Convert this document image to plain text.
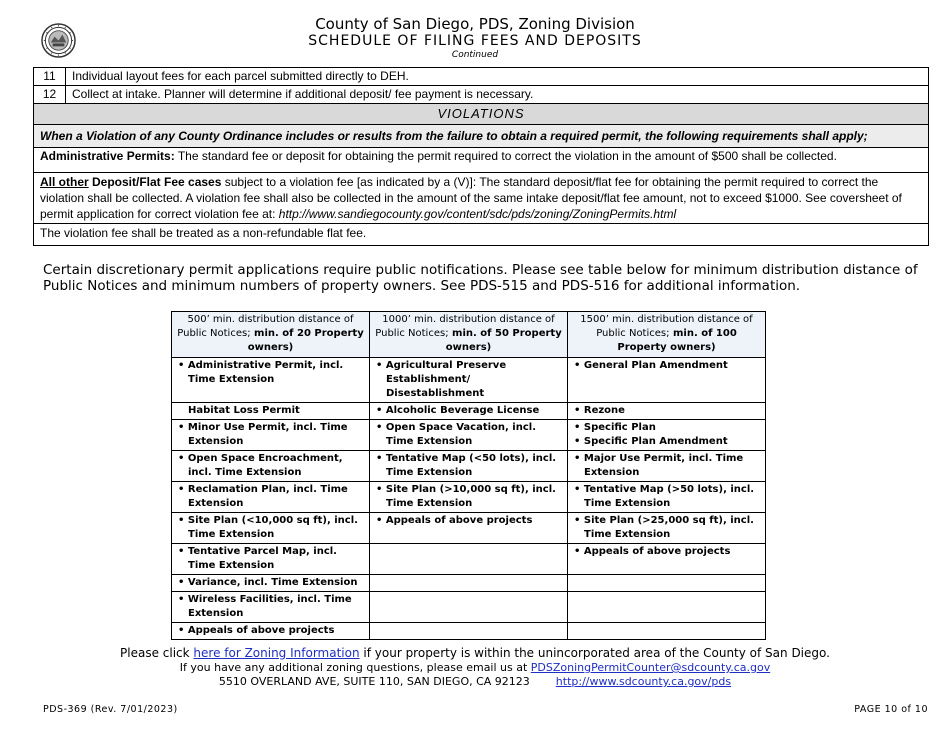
County of San Diego, PDS, Zoning Division
SCHEDULE OF FILING FEES AND DEPOSITS
Continued
11	Individual layout fees for each parcel submitted directly to DEH.
12	Collect at intake. Planner will determine if additional deposit/ fee payment is necessary.
VIOLATIONS	
When a Violation of any County Ordinance includes or results from the failure to obtain a required permit, the following requirements shall apply;	
Administrative Permits: The standard fee or deposit for obtaining the permit required to correct the violation in the amount of $500 shall be collected.	
All other Deposit/Flat Fee cases subject to a violation fee [as indicated by a (V)]: The standard deposit/flat fee for obtaining the permit required to correct the violation shall be collected. A violation fee shall also be collected in the amount of the same intake deposit/flat fee amount, not to exceed $1000. See coversheet of permit application for correct violation fee at: http://www.sandiegocounty.gov/content/sdc/pds/zoning/ZoningPermits.html	
The violation fee shall be treated as a non-refundable flat fee.	
Certain discretionary permit applications require public notifications. Please see table below for minimum distribution distance of Public Notices and minimum numbers of property owners. See PDS-515 and PDS-516 for additional information.
500’ min. distribution distance of Public Notices; min. of 20 Property owners)	1000’ min. distribution distance of Public Notices; min. of 50 Property owners)	1500’ min. distribution distance of Public Notices; min. of 100 Property owners)

• Administrative Permit, incl. Time Extension	• Agricultural Preserve Establishment/ Disestablishment	• General Plan Amendment

Habitat Loss Permit	• Alcoholic Beverage License	• Rezone

• Minor Use Permit, incl. Time Extension	• Open Space Vacation, incl. Time Extension	• Specific Plan
• Specific Plan Amendment

• Open Space Encroachment, incl. Time Extension	• Tentative Map (<50 lots), incl. Time Extension	• Major Use Permit, incl. Time Extension

• Reclamation Plan, incl. Time Extension	• Site Plan (>10,000 sq ft), incl. Time Extension	• Tentative Map (>50 lots), incl. Time Extension

• Site Plan (<10,000 sq ft), incl. Time Extension	• Appeals of above projects	• Site Plan (>25,000 sq ft), incl. Time Extension

• Tentative Parcel Map, incl. Time Extension		• Appeals of above projects

• Variance, incl. Time Extension		

• Wireless Facilities, incl. Time Extension		

• Appeals of above projects		

Please click here for Zoning Information if your property is within the unincorporated area of the County of San Diego.
If you have any additional zoning questions, please email us at PDSZoningPermitCounter@sdcounty.ca.gov
5510 OVERLAND AVE, SUITE 110, SAN DIEGO, CA 92123 http://www.sdcounty.ca.gov/pds
PDS-369 (Rev. 7/01/2023)	PAGE 10 of 10
